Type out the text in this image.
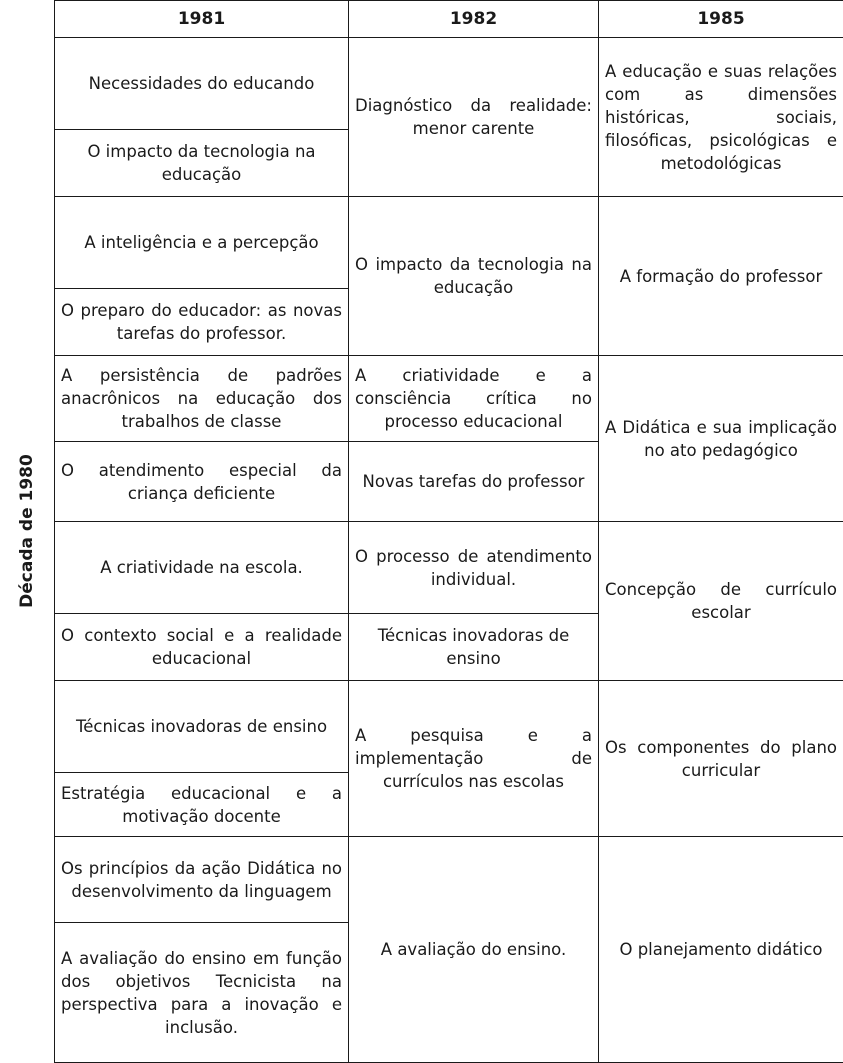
Década de 1980
1981	1982	1985
Necessidades do educando	Diagnóstico da realidade: menor carente	A educação e suas relações com as dimensões históricas, sociais, filosóficas, psicológicas e metodológicas
O impacto da tecnologia na educação		
A inteligência e a percepção	O impacto da tecnologia na educação	A formação do professor
O preparo do educador: as novas tarefas do professor.		
A persistência de padrões anacrônicos na educação dos trabalhos de classe	A criatividade e a consciência crítica no processo educacional	A Didática e sua implicação no ato pedagógico
O atendimento especial da criança deficiente	Novas tarefas do professor	
A criatividade na escola.	O processo de atendimento individual.	Concepção de currículo escolar
O contexto social e a realidade educacional	Técnicas inovadoras de ensino	
Técnicas inovadoras de ensino	A pesquisa e a implementação de currículos nas escolas	Os componentes do plano curricular
Estratégia educacional e a motivação docente		
Os princípios da ação Didática no desenvolvimento da linguagem	A avaliação do ensino.	O planejamento didático
A avaliação do ensino em função dos objetivos Tecnicista na perspectiva para a inovação e inclusão.		
